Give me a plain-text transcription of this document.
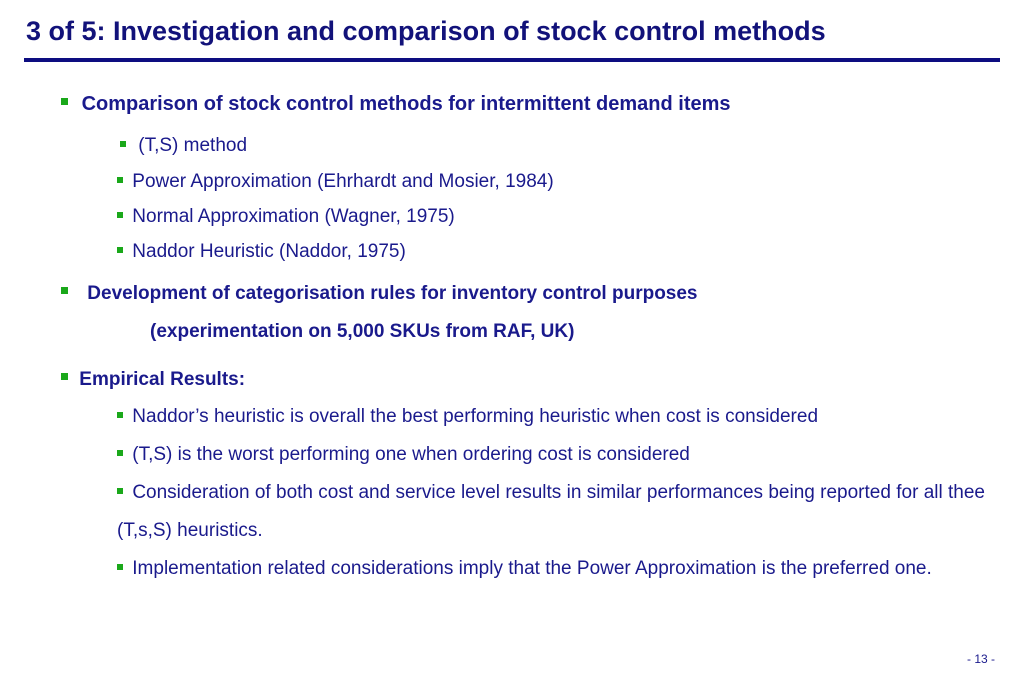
3 of 5: Investigation and comparison of stock control methods
Comparison of stock control methods for intermittent demand items
(T,S) method
Power Approximation (Ehrhardt and Mosier, 1984)
Normal Approximation (Wagner, 1975)
Naddor Heuristic (Naddor, 1975)
Development of categorisation rules for inventory control purposes
(experimentation on 5,000 SKUs from RAF, UK)
Empirical Results:
Naddor’s heuristic is overall the best performing heuristic when cost is considered
(T,S) is the worst performing one when ordering cost is considered
Consideration of both cost and service level results in similar performances being reported for all thee (T,s,S) heuristics.
Implementation related considerations imply that the Power Approximation is the preferred one.
- 13 -
